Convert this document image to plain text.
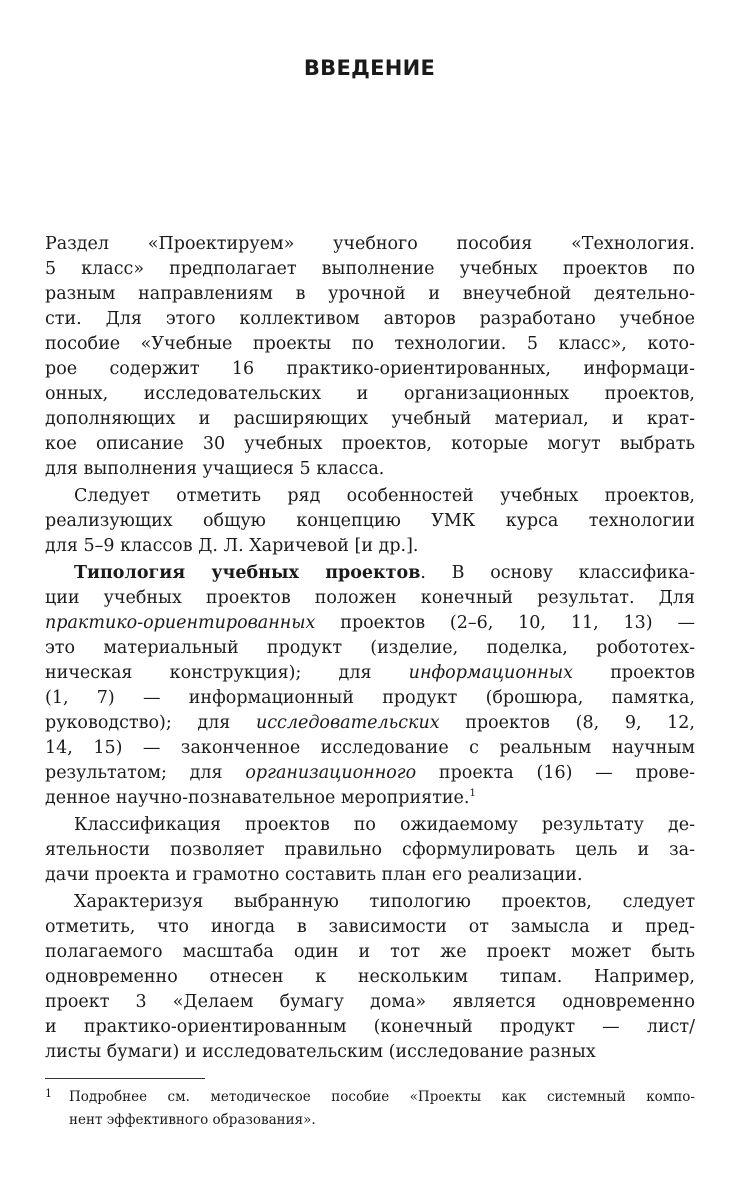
ВВЕДЕНИЕ
Раздел «Проектируем» учебного пособия «Технология.
5 класс» предполагает выполнение учебных проектов по
разным направлениям в урочной и внеучебной деятельно-
сти. Для этого коллективом авторов разработано учебное
пособие «Учебные проекты по технологии. 5 класс», кото-
рое содержит 16 практико-ориентированных, информаци-
онных, исследовательских и организационных проектов,
дополняющих и расширяющих учебный материал, и крат-
кое описание 30 учебных проектов, которые могут выбрать
для выполнения учащиеся 5 класса.
Следует отметить ряд особенностей учебных проектов,
реализующих общую концепцию УМК курса технологии
для 5–9 классов Д. Л. Харичевой [и др.].
Типология учебных проектов. В основу классифика-
ции учебных проектов положен конечный результат. Для
практико-ориентированных проектов (2–6, 10, 11, 13) —
это материальный продукт (изделие, поделка, робототех-
ническая конструкция); для информационных проектов
(1, 7) — информационный продукт (брошюра, памятка,
руководство); для исследовательских проектов (8, 9, 12,
14, 15) — законченное исследование с реальным научным
результатом; для организационного проекта (16) — прове-
денное научно-познавательное мероприятие.$^1$
Классификация проектов по ожидаемому результату де-
ятельности позволяет правильно сформулировать цель и за-
дачи проекта и грамотно составить план его реализации.
Характеризуя выбранную типологию проектов, следует
отметить, что иногда в зависимости от замысла и пред-
полагаемого масштаба один и тот же проект может быть
одновременно отнесен к нескольким типам. Например,
проект 3 «Делаем бумагу дома» является одновременно
и практико-ориентированным (конечный продукт — лист/
листы бумаги) и исследовательским (исследование разных
1 Подробнее см. методическое пособие «Проекты как системный компо-
нент эффективного образования».
